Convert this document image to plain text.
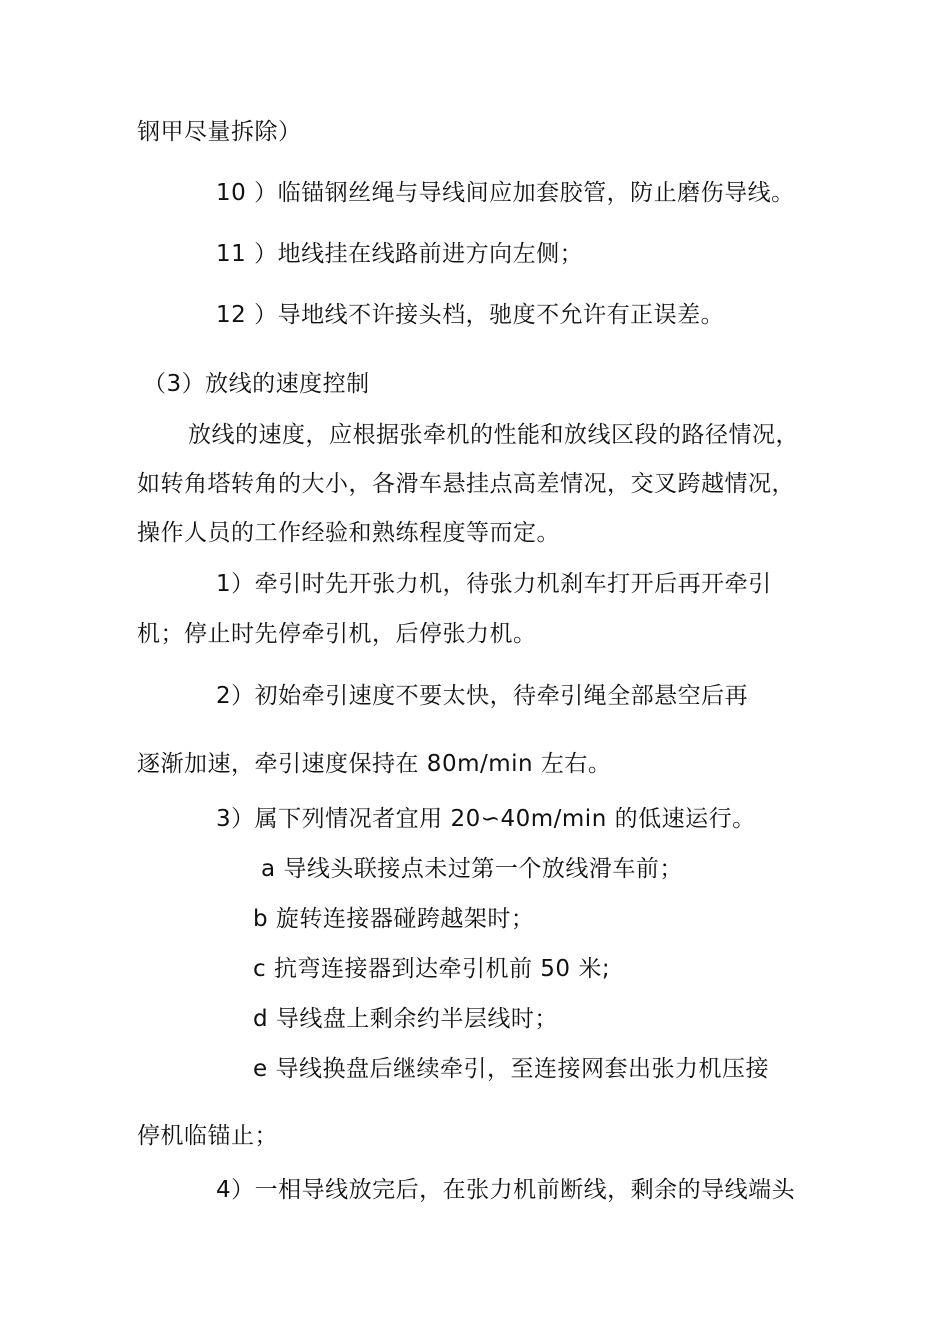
钢甲尽量拆除）
10 ）临锚钢丝绳与导线间应加套胶管，防止磨伤导线。
11 ）地线挂在线路前进方向左侧；
12 ）导地线不许接头档，驰度不允许有正误差。
（3）放线的速度控制
放线的速度，应根据张牵机的性能和放线区段的路径情况，
如转角塔转角的大小，各滑车悬挂点高差情况，交叉跨越情况，
操作人员的工作经验和熟练程度等而定。
1）牵引时先开张力机，待张力机刹车打开后再开牵引
机；停止时先停牵引机，后停张力机。
2）初始牵引速度不要太快，待牵引绳全部悬空后再
逐渐加速，牵引速度保持在 80m/min 左右。
3）属下列情况者宜用 20∽40m/min 的低速运行。
a 导线头联接点未过第一个放线滑车前；
b 旋转连接器碰跨越架时；
c 抗弯连接器到达牵引机前 50 米;
d 导线盘上剩余约半层线时；
e 导线换盘后继续牵引，至连接网套出张力机压接
停机临锚止；
4）一相导线放完后，在张力机前断线，剩余的导线端头
